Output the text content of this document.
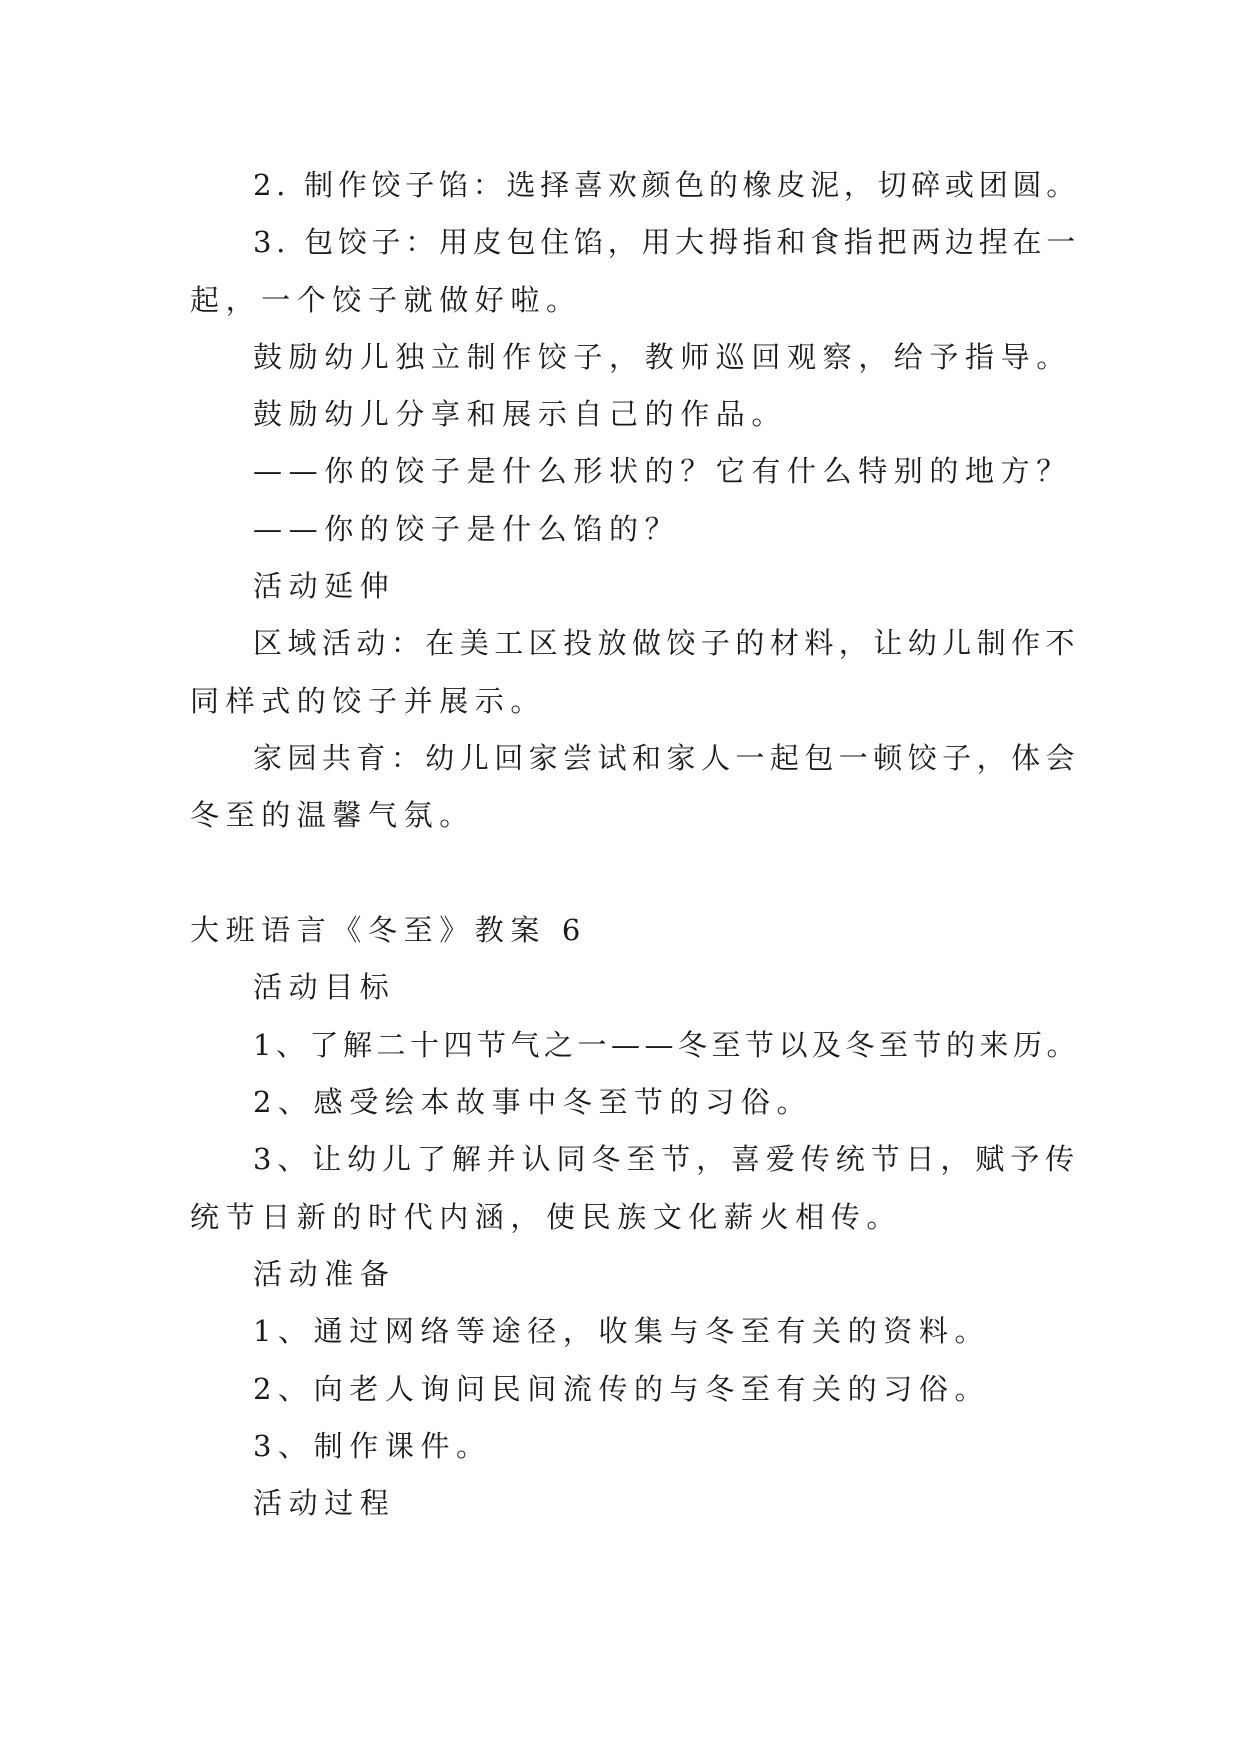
2. 制作饺子馅：选择喜欢颜色的橡皮泥，切碎或团圆。

3. 包饺子：用皮包住馅，用大拇指和食指把两边捏在一

起，一个饺子就做好啦。

鼓励幼儿独立制作饺子，教师巡回观察，给予指导。

鼓励幼儿分享和展示自己的作品。

——你的饺子是什么形状的？它有什么特别的地方？

——你的饺子是什么馅的？

活动延伸

区域活动：在美工区投放做饺子的材料，让幼儿制作不

同样式的饺子并展示。

家园共育：幼儿回家尝试和家人一起包一顿饺子，体会

冬至的温馨气氛。

大班语言《冬至》教案 6

活动目标

1、了解二十四节气之一——冬至节以及冬至节的来历。

2、感受绘本故事中冬至节的习俗。

3、让幼儿了解并认同冬至节，喜爱传统节日，赋予传

统节日新的时代内涵，使民族文化薪火相传。

活动准备

1、通过网络等途径，收集与冬至有关的资料。

2、向老人询问民间流传的与冬至有关的习俗。

3、制作课件。

活动过程
